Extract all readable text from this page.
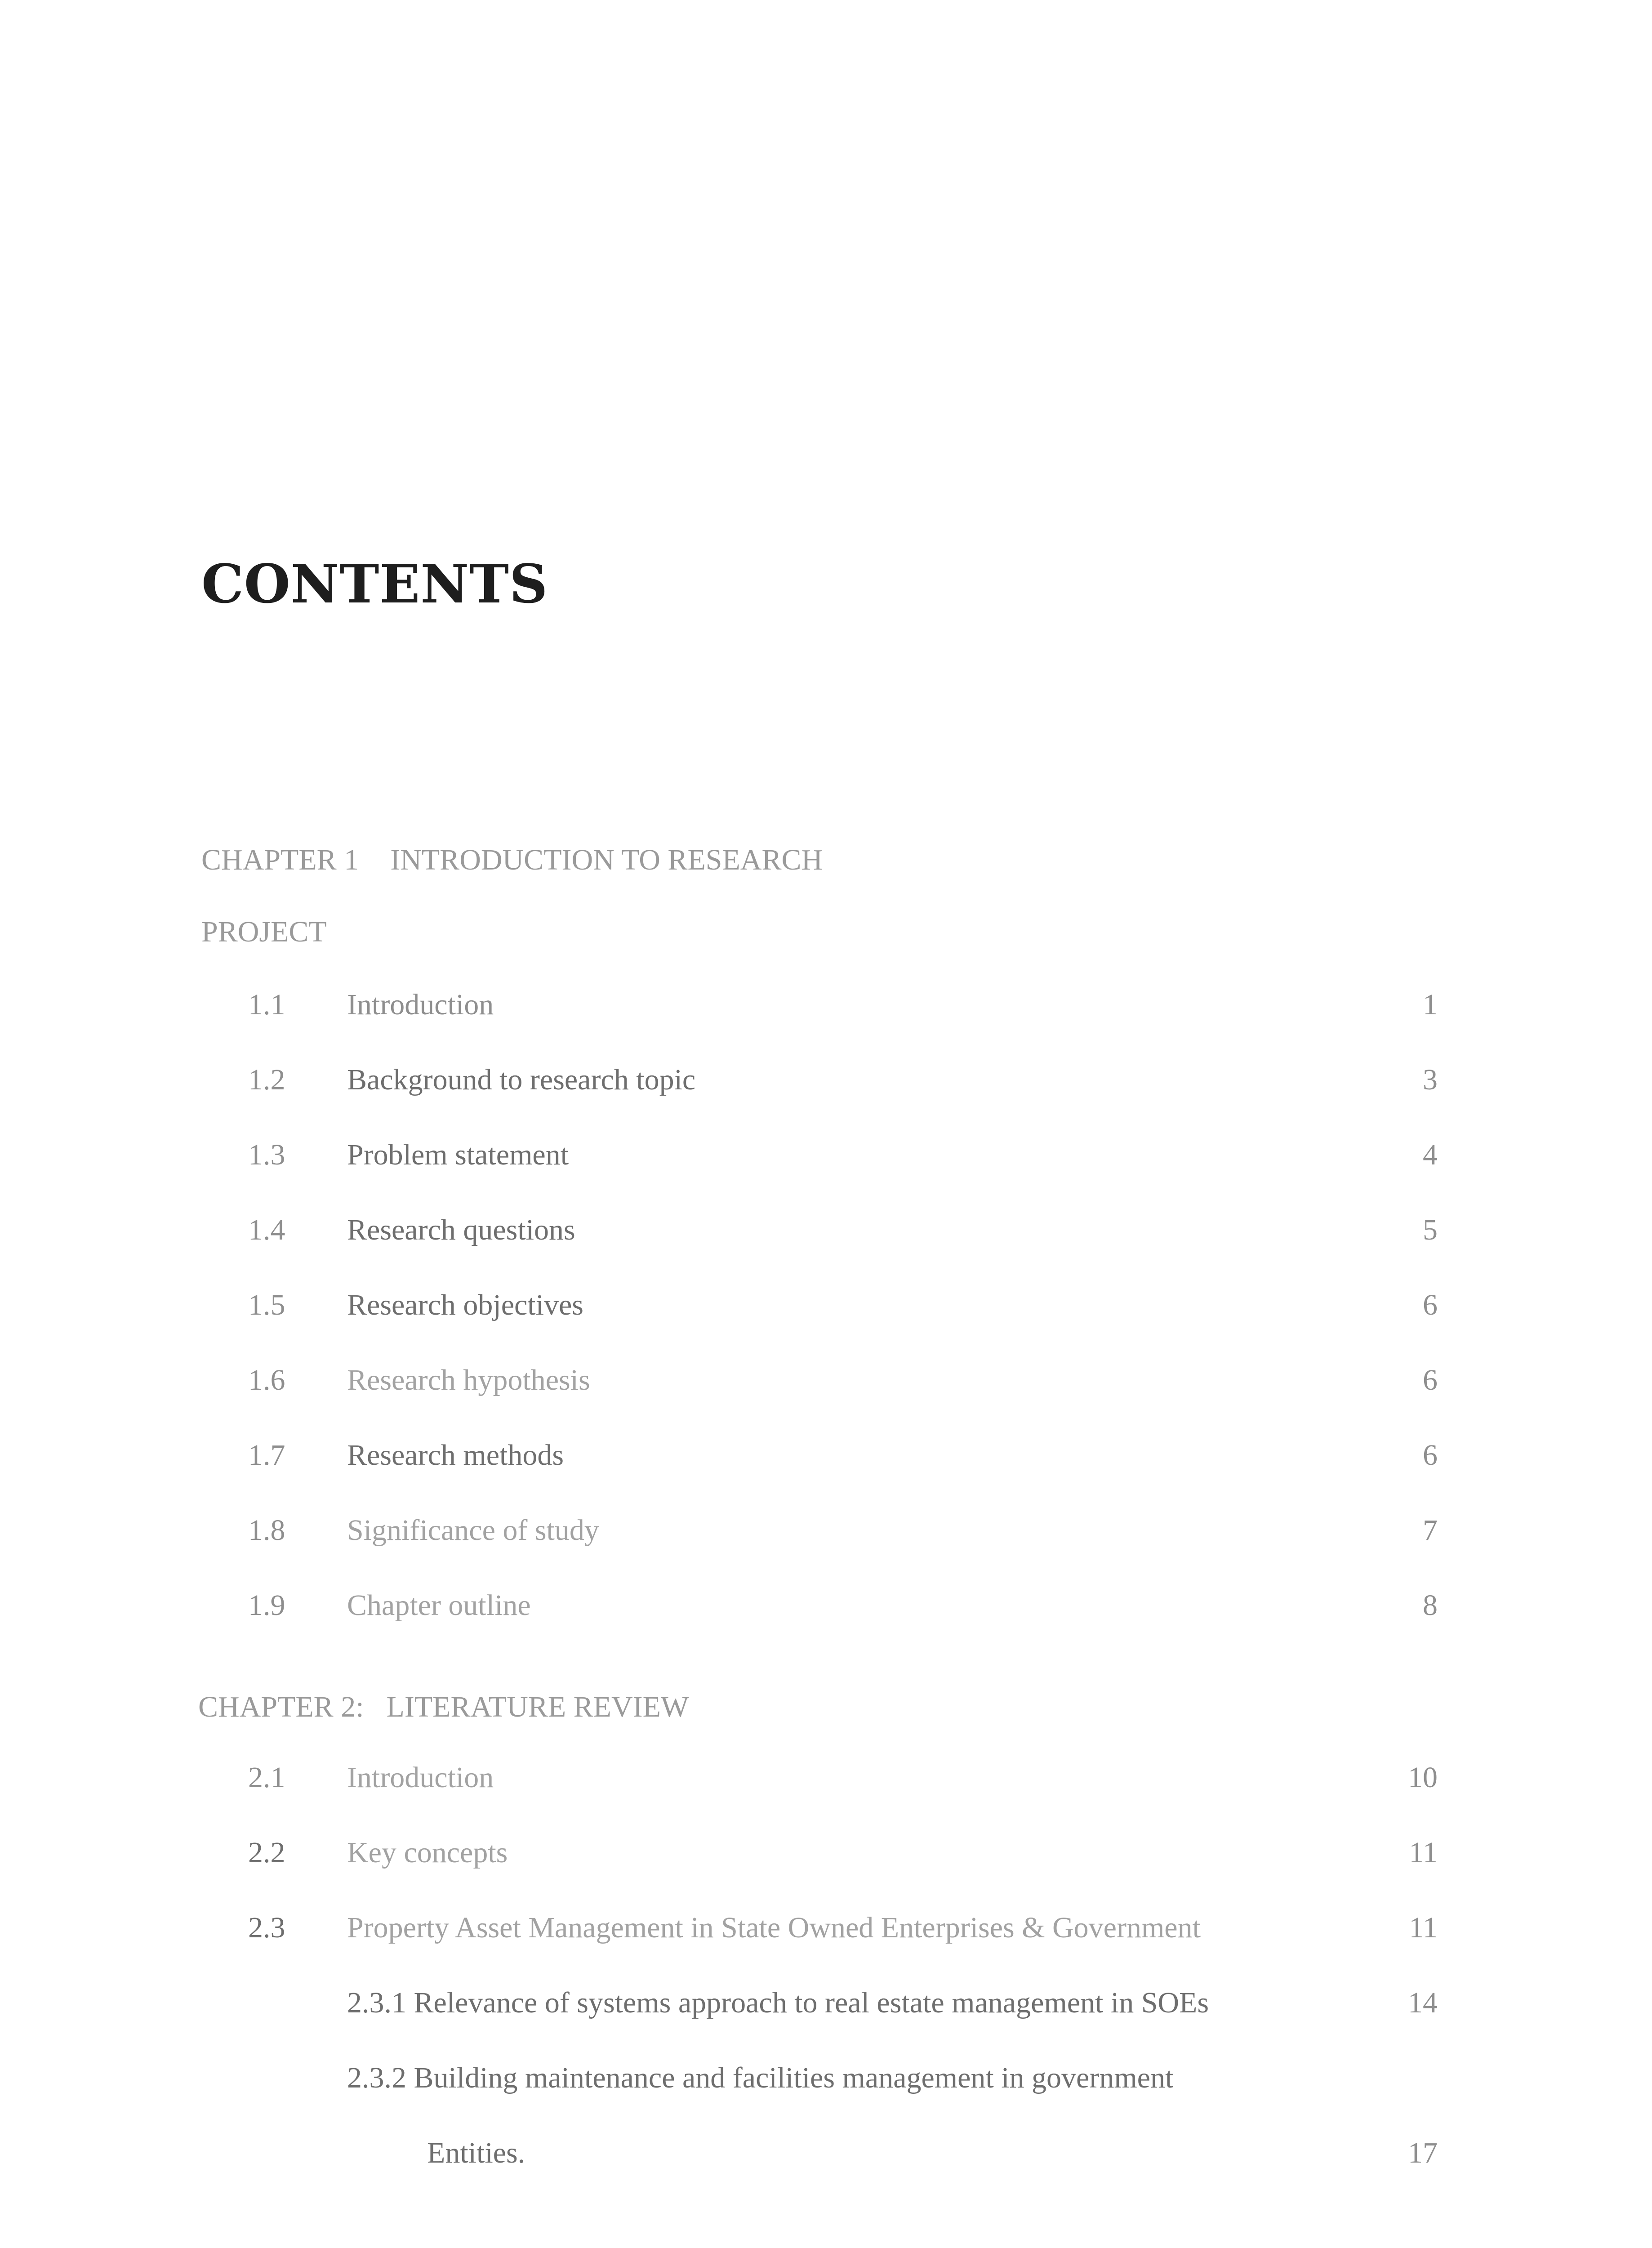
CONTENTS
CHAPTER 1 INTRODUCTION TO RESEARCH
PROJECT
1.1 Introduction	1
1.2 Background to research topic	3
1.3 Problem statement	4
1.4 Research questions	5
1.5 Research objectives	6
1.6 Research hypothesis	6
1.7 Research methods	6
1.8 Significance of study	7
1.9 Chapter outline	8
CHAPTER 2: LITERATURE REVIEW
2.1 Introduction	10
2.2 Key concepts	11
2.3 Property Asset Management in State Owned Enterprises & Government	11
2.3.1 Relevance of systems approach to real estate management in SOEs	14
2.3.2 Building maintenance and facilities management in government
Entities.	17
